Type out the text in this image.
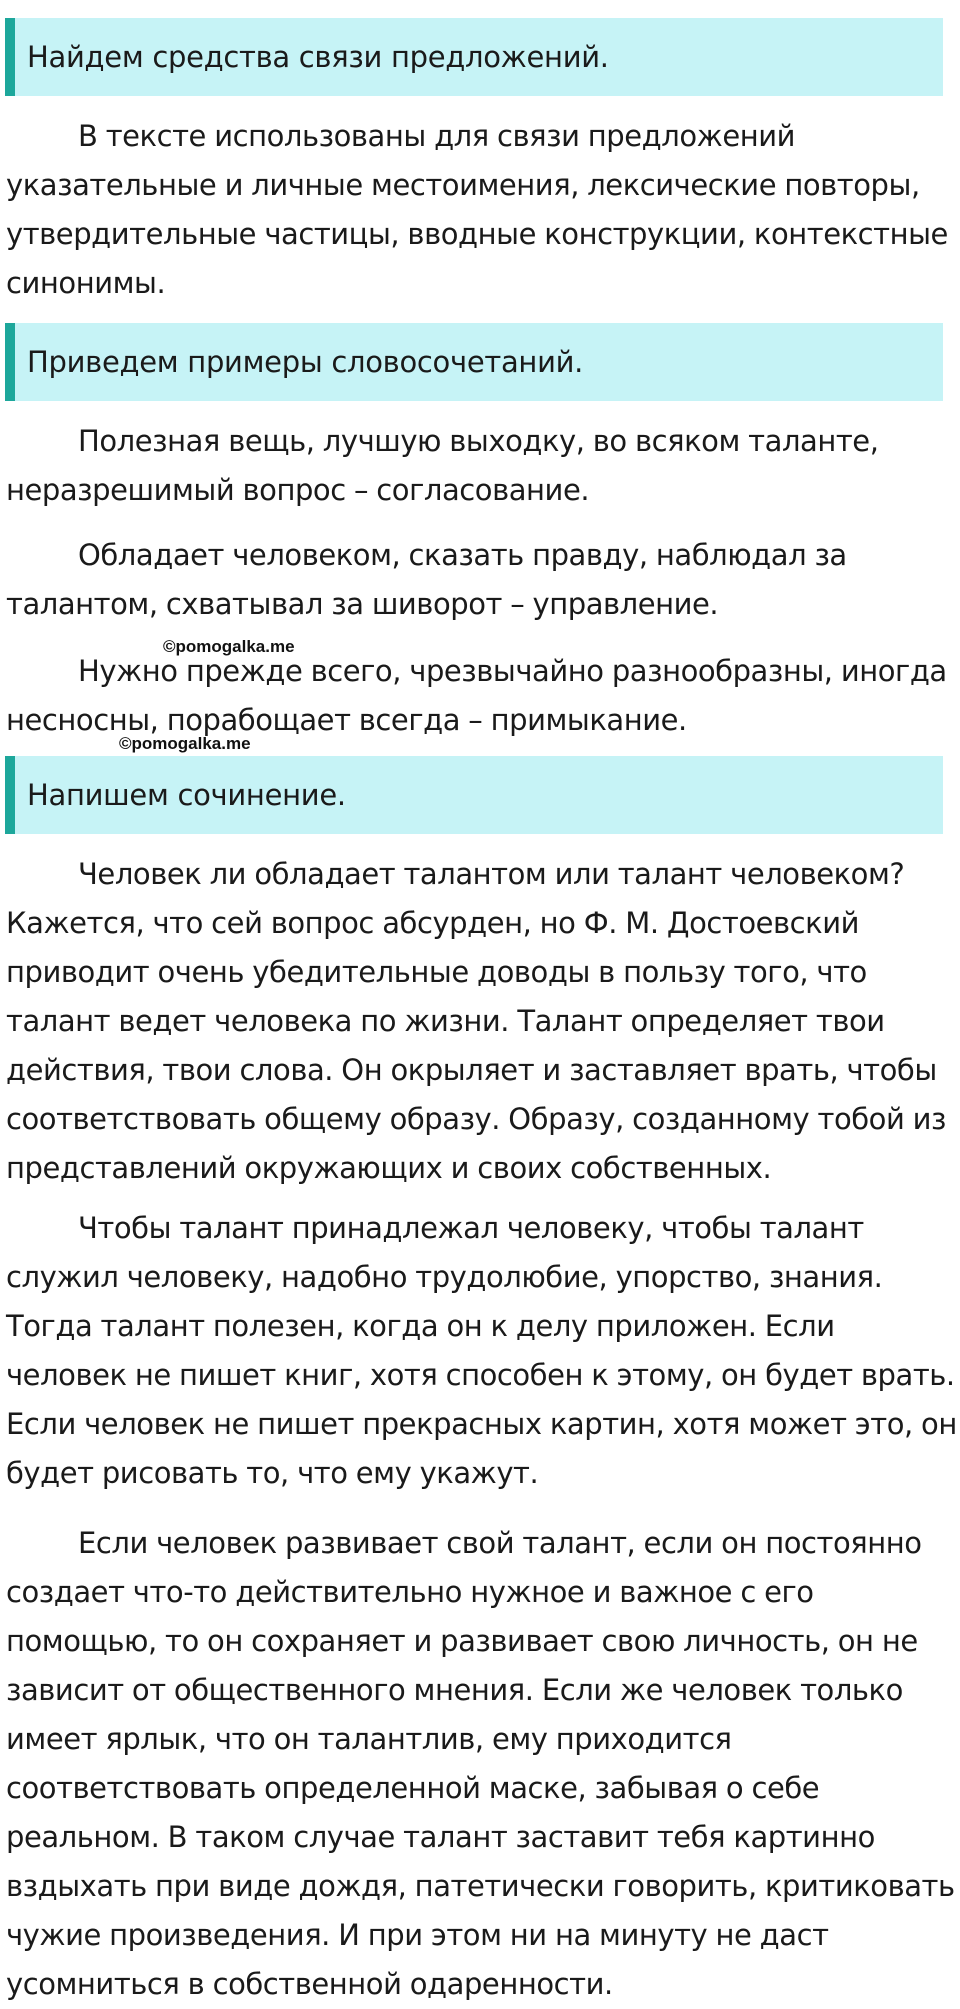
Найдем средства связи предложений.

В тексте использованы для связи предложений указательные и личные местоимения, лексические повторы, утвердительные частицы, вводные конструкции, контекстные синонимы.

Приведем примеры словосочетаний.

Полезная вещь, лучшую выходку, во всяком таланте, неразрешимый вопрос – согласование.

Обладает человеком, сказать правду, наблюдал за талантом, схватывал за шиворот – управление.

Нужно прежде всего, чрезвычайно разнообразны, иногда несносны, порабощает всегда – примыкание.

©pomogalka.me
©pomogalka.me
Напишем сочинение.

Человек ли обладает талантом или талант человеком? Кажется, что сей вопрос абсурден, но Ф. М. Достоевский приводит очень убедительные доводы в пользу того, что талант ведет человека по жизни. Талант определяет твои действия, твои слова. Он окрыляет и заставляет врать, чтобы соответствовать общему образу. Образу, созданному тобой из представлений окружающих и своих собственных.

Чтобы талант принадлежал человеку, чтобы талант служил человеку, надобно трудолюбие, упорство, знания. Тогда талант полезен, когда он к делу приложен. Если человек не пишет книг, хотя способен к этому, он будет врать. Если человек не пишет прекрасных картин, хотя может это, он будет рисовать то, что ему укажут.

Если человек развивает свой талант, если он постоянно создает что-то действительно нужное и важное с его помощью, то он сохраняет и развивает свою личность, он не зависит от общественного мнения. Если же человек только имеет ярлык, что он талантлив, ему приходится соответствовать определенной маске, забывая о себе реальном. В таком случае талант заставит тебя картинно вздыхать при виде дождя, патетически говорить, критиковать чужие произведения. И при этом ни на минуту не даст усомниться в собственной одаренности.
